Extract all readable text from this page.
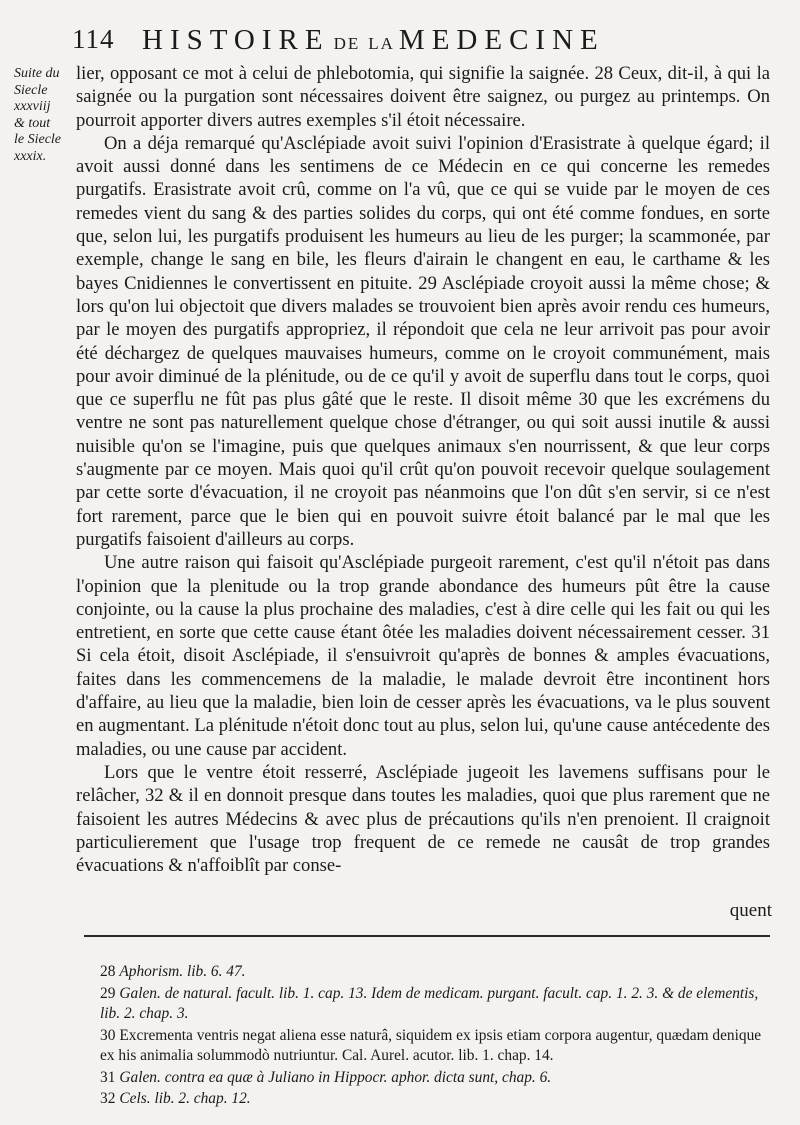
114 HISTOIRE DE LA MEDECINE
Suite du
Siecle
xxxviij
& tout
le Siecle
xxxix.

lier, opposant ce mot à celui de phlebotomia, qui signifie la saignée. 28 Ceux, dit-il, à qui la saignée ou la purgation sont nécessaires doivent être saignez, ou purgez au printemps. On pourroit apporter divers autres exemples s'il étoit nécessaire.

On a déja remarqué qu'Asclépiade avoit suivi l'opinion d'Erasistrate à quelque égard; il avoit aussi donné dans les sentimens de ce Médecin en ce qui concerne les remedes purgatifs. Erasistrate avoit crû, comme on l'a vû, que ce qui se vuide par le moyen de ces remedes vient du sang & des parties solides du corps, qui ont été comme fondues, en sorte que, selon lui, les purgatifs produisent les humeurs au lieu de les purger; la scammonée, par exemple, change le sang en bile, les fleurs d'airain le changent en eau, le carthame & les bayes Cnidiennes le convertissent en pituite. 29 Asclépiade croyoit aussi la même chose; & lors qu'on lui objectoit que divers malades se trouvoient bien après avoir rendu ces humeurs, par le moyen des purgatifs appropriez, il répondoit que cela ne leur arrivoit pas pour avoir été déchargez de quelques mauvaises humeurs, comme on le croyoit communément, mais pour avoir diminué de la plénitude, ou de ce qu'il y avoit de superflu dans tout le corps, quoi que ce superflu ne fût pas plus gâté que le reste. Il disoit même 30 que les excrémens du ventre ne sont pas naturellement quelque chose d'étranger, ou qui soit aussi inutile & aussi nuisible qu'on se l'imagine, puis que quelques animaux s'en nourrissent, & que leur corps s'augmente par ce moyen. Mais quoi qu'il crût qu'on pouvoit recevoir quelque soulagement par cette sorte d'évacuation, il ne croyoit pas néanmoins que l'on dût s'en servir, si ce n'est fort rarement, parce que le bien qui en pouvoit suivre étoit balancé par le mal que les purgatifs faisoient d'ailleurs au corps.

Une autre raison qui faisoit qu'Asclépiade purgeoit rarement, c'est qu'il n'étoit pas dans l'opinion que la plenitude ou la trop grande abondance des humeurs pût être la cause conjointe, ou la cause la plus prochaine des maladies, c'est à dire celle qui les fait ou qui les entretient, en sorte que cette cause étant ôtée les maladies doivent nécessairement cesser. 31 Si cela étoit, disoit Asclépiade, il s'ensuivroit qu'après de bonnes & amples évacuations, faites dans les commencemens de la maladie, le malade devroit être incontinent hors d'affaire, au lieu que la maladie, bien loin de cesser après les évacuations, va le plus souvent en augmentant. La plénitude n'étoit donc tout au plus, selon lui, qu'une cause antécedente des maladies, ou une cause par accident.

Lors que le ventre étoit resserré, Asclépiade jugeoit les lavemens suffisans pour le relâcher, 32 & il en donnoit presque dans toutes les maladies, quoi que plus rarement que ne faisoient les autres Médecins & avec plus de précautions qu'ils n'en prenoient. Il craignoit particulierement que l'usage trop frequent de ce remede ne causât de trop grandes évacuations & n'affoiblît par conse-

quent
28 Aphorism. lib. 6. 47.
29 Galen. de natural. facult. lib. 1. cap. 13. Idem de medicam. purgant. facult. cap. 1. 2. 3. & de elementis, lib. 2. chap. 3.
30 Excrementa ventris negat aliena esse naturâ, siquidem ex ipsis etiam corpora augentur, quædam denique ex his animalia solummodò nutriuntur. Cal. Aurel. acutor. lib. 1. chap. 14.
31 Galen. contra ea quæ à Juliano in Hippocr. aphor. dicta sunt, chap. 6.
32 Cels. lib. 2. chap. 12.
